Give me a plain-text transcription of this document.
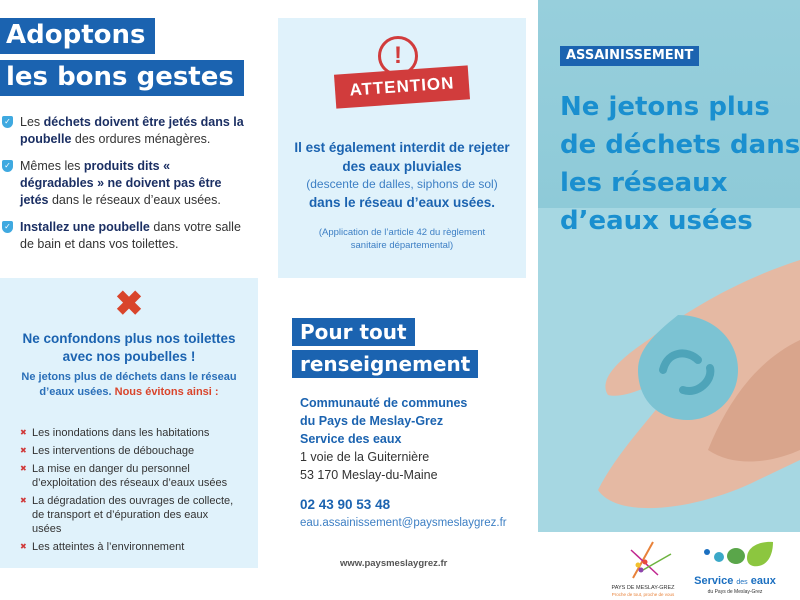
Adoptons
les bons gestes
✓ Les déchets doivent être jetés dans la poubelle des ordures ménagères.
✓ Mêmes les produits dits « dégradables » ne doivent pas être jetés dans le réseaux d’eaux usées.
✓ Installez une poubelle dans votre salle de bain et dans vos toilettes.
✖
Ne confondons plus nos toilettes avec nos poubelles !
Ne jetons plus de déchets dans le réseau d’eaux usées. Nous évitons ainsi :
✖ Les inondations dans les habitations
✖ Les interventions de débouchage
✖ La mise en danger du personnel d’exploitation des réseaux d’eaux usées
✖ La dégradation des ouvrages de collecte, de transport et d’épuration des eaux usées
✖ Les atteintes à l’environnement
!
ATTENTION
Il est également interdit de rejeter des eaux pluviales
(descente de dalles, siphons de sol)
dans le réseau d’eaux usées.
(Application de l’article 42 du règlement sanitaire départemental)
Pour tout
renseignement
Communauté de communes
du Pays de Meslay-Grez
Service des eaux
1 voie de la Guiternière
53 170 Meslay-du-Maine
02 43 90 53 48
eau.assainissement@paysmeslaygrez.fr
www.paysmeslaygrez.fr
ASSAINISSEMENT
Ne jetons plus
de déchets dans
les réseaux
d’eaux usées
PAYS DE MESLAY-GREZ
Proche de tout, proche de vous
Service des eaux
du Pays de Meslay-Grez
